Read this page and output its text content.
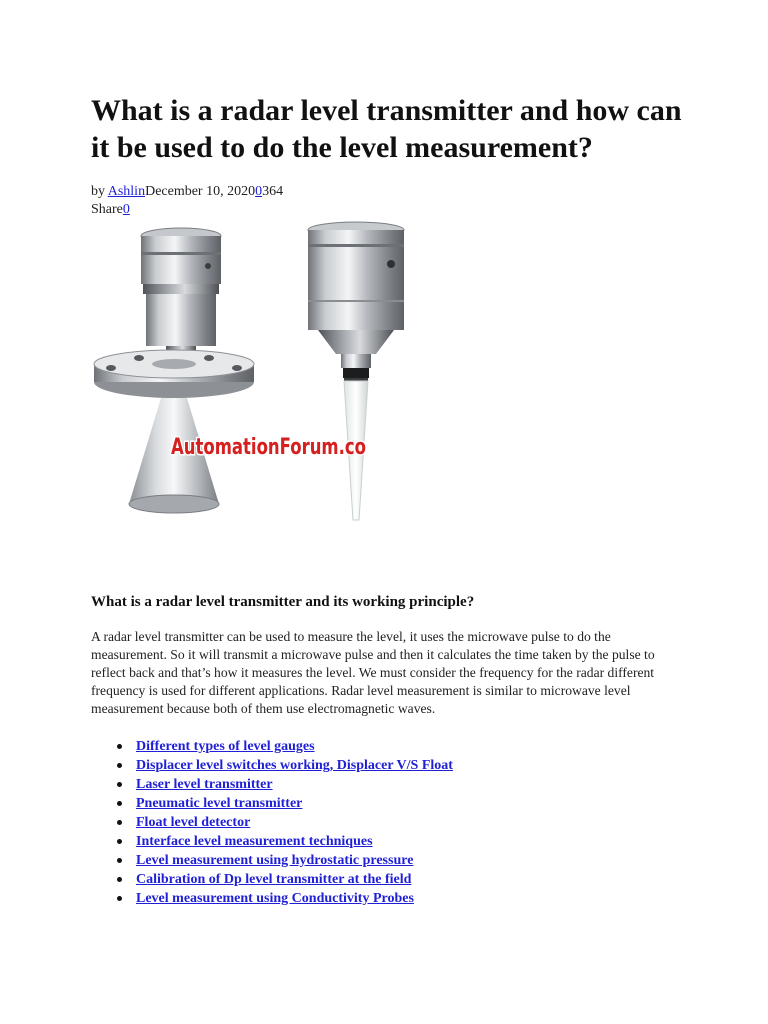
What is a radar level transmitter and how can it be used to do the level measurement?
by AshlinDecember 10, 20200364
Share0
AutomationForum.co
What is a radar level transmitter and its working principle?

A radar level transmitter can be used to measure the level, it uses the microwave pulse to do the measurement. So it will transmit a microwave pulse and then it calculates the time taken by the pulse to reflect back and that’s how it measures the level. We must consider the frequency for the radar different frequency is used for different applications. Radar level measurement is similar to microwave level measurement because both of them use electromagnetic waves.

Different types of level gauges
Displacer level switches working, Displacer V/S Float
Laser level transmitter
Pneumatic level transmitter
Float level detector
Interface level measurement techniques
Level measurement using hydrostatic pressure
Calibration of Dp level transmitter at the field
Level measurement using Conductivity Probes
